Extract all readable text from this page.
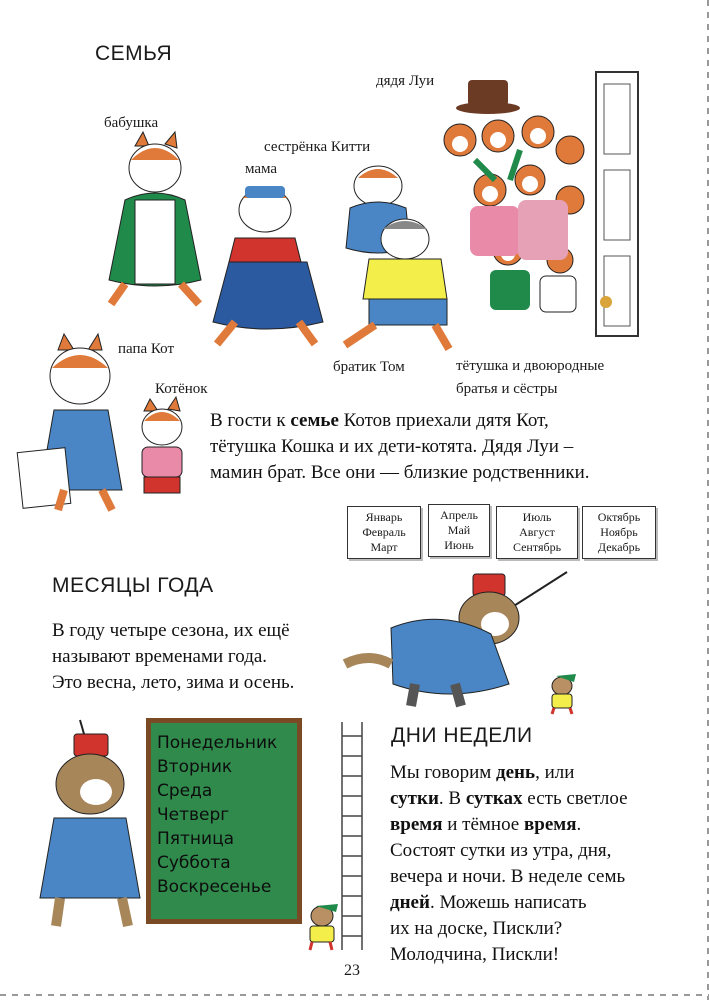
СЕМЬЯ
дядя Луи
бабушка
сестрёнка Китти
мама
папа Кот
Котёнок
братик Том	тётушка и двоюродные
братья и сёстры
В гости к семье Котов приехали дятя Кот,
тётушка Кошка и их дети-котята. Дядя Луи –
мамин брат. Все они — близкие родственники.
Январь
Февраль
Март
Апрель
Май
Июнь
Июль
Август
Сентябрь
Октябрь
Ноябрь
Декабрь
МЕСЯЦЫ ГОДА
В году четыре сезона, их ещё
называют временами года.
Это весна, лето, зима и осень.
Понедельник
Вторник
Среда
Четверг
Пятница
Суббота
Воскресенье
ДНИ НЕДЕЛИ
Мы говорим день, или
сутки. В сутках есть светлое
время и тёмное время.
Состоят сутки из утра, дня,
вечера и ночи. В неделе семь
дней. Можешь написать
их на доске, Пискли?
Молодчина, Пискли!
23
